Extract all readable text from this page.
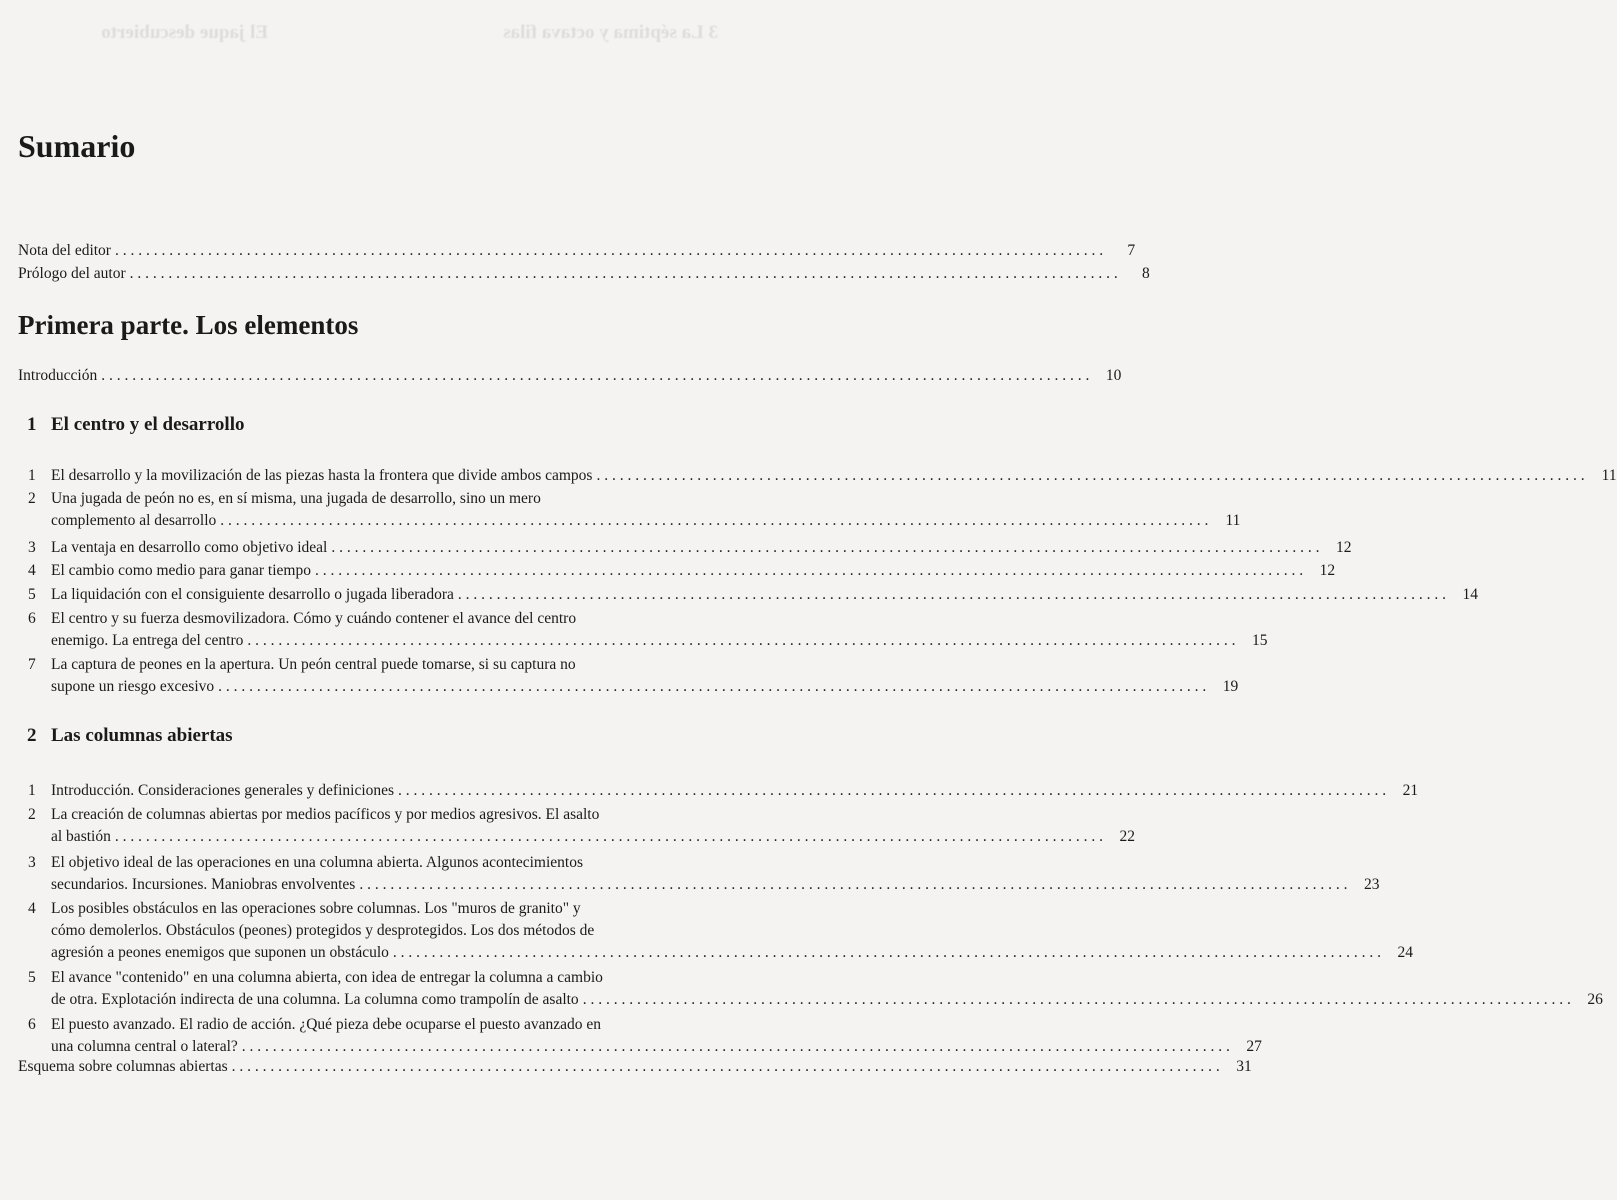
3 La séptima y octava filas
El jaque descubierto
Sumario
Nota del editor . . .	7
Prólogo del autor . . .	8
Primera parte. Los elementos
Introducción . . .	10
1 El centro y el desarrollo
1 El desarrollo y la movilización de las piezas hasta la frontera que divide ambos campos . . .	11
2 Una jugada de peón no es, en sí misma, una jugada de desarrollo, sino un mero
complemento al desarrollo . . .	11
3 La ventaja en desarrollo como objetivo ideal . . .	12
4 El cambio como medio para ganar tiempo . . .	12
5 La liquidación con el consiguiente desarrollo o jugada liberadora . . .	14
6 El centro y su fuerza desmovilizadora. Cómo y cuándo contener el avance del centro
enemigo. La entrega del centro . . .	15
7 La captura de peones en la apertura. Un peón central puede tomarse, si su captura no
supone un riesgo excesivo . . .	19
2 Las columnas abiertas
1 Introducción. Consideraciones generales y definiciones . . .	21
2 La creación de columnas abiertas por medios pacíficos y por medios agresivos. El asalto
al bastión . . .	22
3 El objetivo ideal de las operaciones en una columna abierta. Algunos acontecimientos
secundarios. Incursiones. Maniobras envolventes . . .	23
4 Los posibles obstáculos en las operaciones sobre columnas. Los "muros de granito" y
cómo demolerlos. Obstáculos (peones) protegidos y desprotegidos. Los dos métodos de
agresión a peones enemigos que suponen un obstáculo . . .	24
5 El avance "contenido" en una columna abierta, con idea de entregar la columna a cambio
de otra. Explotación indirecta de una columna. La columna como trampolín de asalto . . .	26
6 El puesto avanzado. El radio de acción. ¿Qué pieza debe ocuparse el puesto avanzado en
una columna central o lateral? . . .	27
Esquema sobre columnas abiertas . . .	31
